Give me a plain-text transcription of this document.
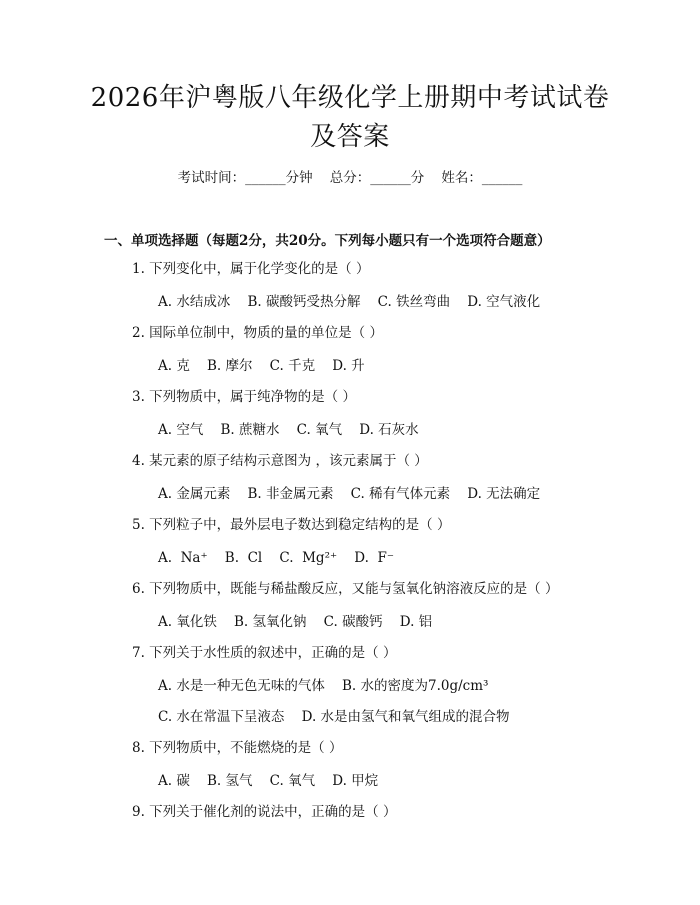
2026年沪粤版八年级化学上册期中考试试卷
及答案
考试时间：______分钟    总分：______分    姓名：______
一、单项选择题（每题2分，共20分。下列每小题只有一个选项符合题意）
1. 下列变化中，属于化学变化的是（ ）
A. 水结成冰    B. 碳酸钙受热分解    C. 铁丝弯曲    D. 空气液化
2. 国际单位制中，物质的量的单位是（ ）
A. 克    B. 摩尔    C. 千克    D. 升
3. 下列物质中，属于纯净物的是（ ）
A. 空气    B. 蔗糖水    C. 氧气    D. 石灰水
4. 某元素的原子结构示意图为 ，该元素属于（ ）
A. 金属元素    B. 非金属元素    C. 稀有气体元素    D. 无法确定
5. 下列粒子中，最外层电子数达到稳定结构的是（ ）
A.  Na⁺    B.  Cl    C.  Mg²⁺    D.  F⁻
6. 下列物质中，既能与稀盐酸反应，又能与氢氧化钠溶液反应的是（ ）
A. 氧化铁    B. 氢氧化钠    C. 碳酸钙    D. 铝
7. 下列关于水性质的叙述中，正确的是（ ）
A. 水是一种无色无味的气体    B. 水的密度为7.0g/cm³
C. 水在常温下呈液态    D. 水是由氢气和氧气组成的混合物
8. 下列物质中，不能燃烧的是（ ）
A. 碳    B. 氢气    C. 氧气    D. 甲烷
9. 下列关于催化剂的说法中，正确的是（ ）
